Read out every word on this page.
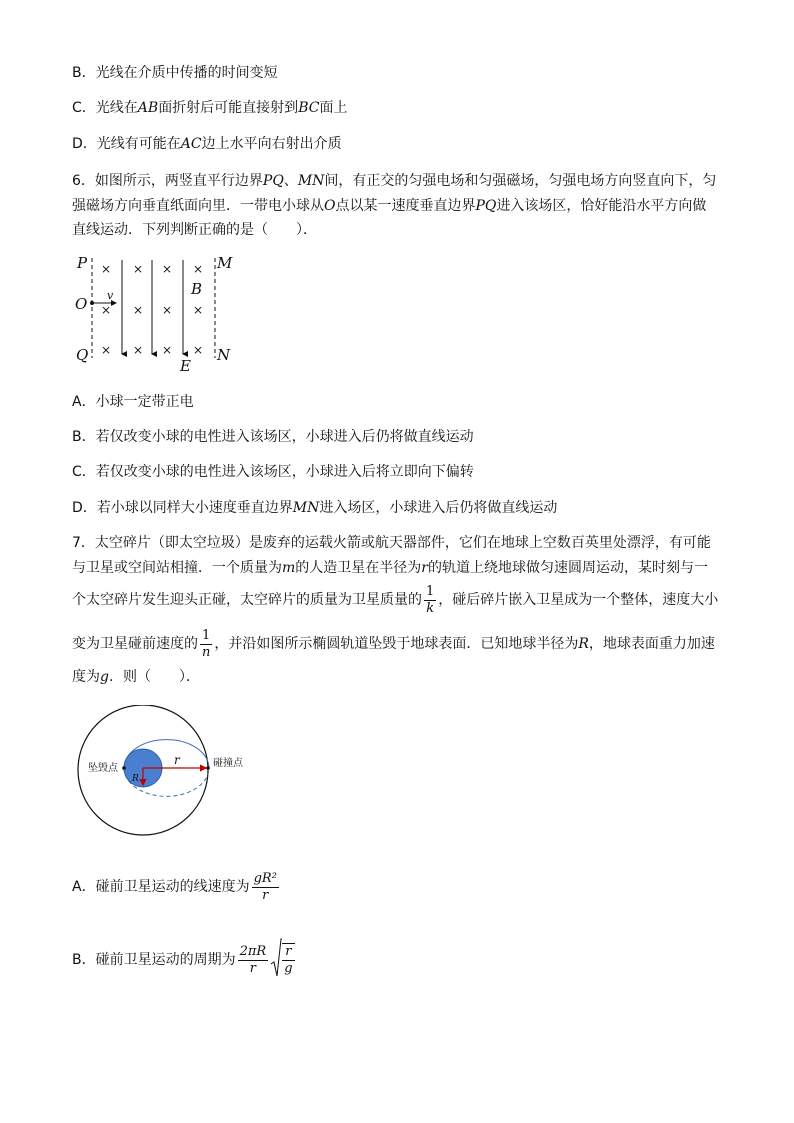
B．光线在介质中传播的时间变短
C．光线在AB面折射后可能直接射到BC面上
D．光线有可能在AC边上水平向右射出介质
6．如图所示，两竖直平行边界PQ、MN间，有正交的匀强电场和匀强磁场，匀强电场方向竖直向下，匀
强磁场方向垂直纸面向里．一带电小球从O点以某一速度垂直边界PQ进入该场区，恰好能沿水平方向做
直线运动．下列判断正确的是（　　）．
× × × ×
× × × ×
× × × ×
P
O
Q
M
N
B
E
v
A．小球一定带正电
B．若仅改变小球的电性进入该场区，小球进入后仍将做直线运动
C．若仅改变小球的电性进入该场区，小球进入后将立即向下偏转
D．若小球以同样大小速度垂直边界MN进入场区，小球进入后仍将做直线运动
7．太空碎片（即太空垃圾）是废弃的运载火箭或航天器部件，它们在地球上空数百英里处漂浮，有可能
与卫星或空间站相撞．一个质量为m的人造卫星在半径为r的轨道上绕地球做匀速圆周运动，某时刻与一
个太空碎片发生迎头正碰，太空碎片的质量为卫星质量的 $\frac{1}{k}$ ，碰后碎片嵌入卫星成为一个整体，速度大小
变为卫星碰前速度的 $\frac{1}{n}$ ，并沿如图所示椭圆轨道坠毁于地球表面．已知地球半径为R，地球表面重力加速
度为g．则（　　）．
坠毁点	碰撞点
r
R
A．碰前卫星运动的线速度为 $\frac{\text{gR²}}{r}$
B．碰前卫星运动的周期为 $\frac{2\pi R}{r} \frac{r}{g}$
